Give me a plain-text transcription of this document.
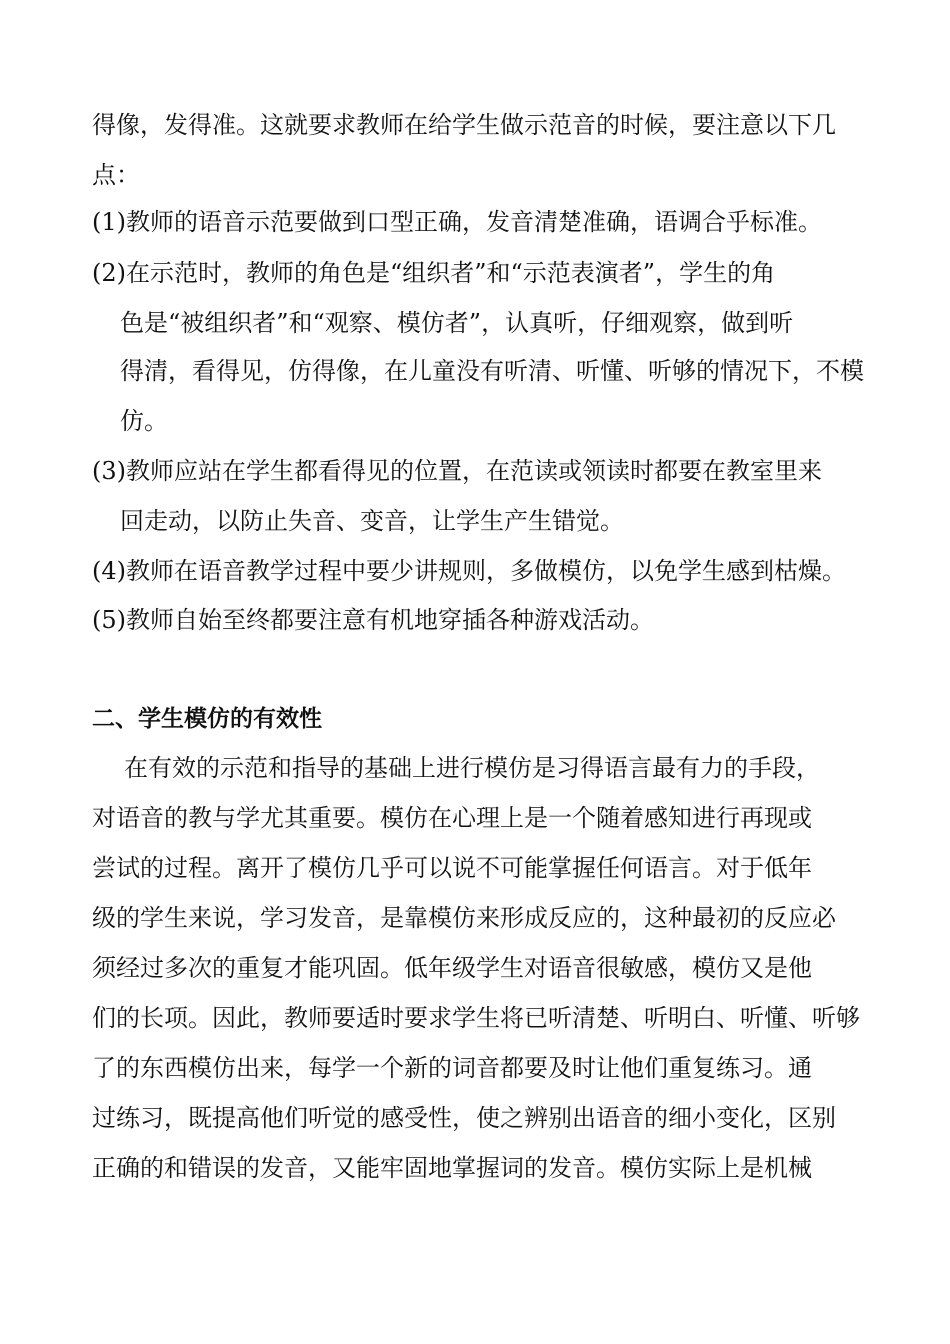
得像，发得准。这就要求教师在给学生做示范音的时候，要注意以下几
点：
(1)教师的语音示范要做到口型正确，发音清楚准确，语调合乎标准。
(2)在示范时，教师的角色是“组织者”和“示范表演者”，学生的角
色是“被组织者”和“观察、模仿者”，认真听，仔细观察，做到听
得清，看得见，仿得像，在儿童没有听清、听懂、听够的情况下，不模
仿。
(3)教师应站在学生都看得见的位置，在范读或领读时都要在教室里来
回走动，以防止失音、变音，让学生产生错觉。
(4)教师在语音教学过程中要少讲规则，多做模仿，以免学生感到枯燥。
(5)教师自始至终都要注意有机地穿插各种游戏活动。
二、学生模仿的有效性
在有效的示范和指导的基础上进行模仿是习得语言最有力的手段，
对语音的教与学尤其重要。模仿在心理上是一个随着感知进行再现或
尝试的过程。离开了模仿几乎可以说不可能掌握任何语言。对于低年
级的学生来说，学习发音，是靠模仿来形成反应的，这种最初的反应必
须经过多次的重复才能巩固。低年级学生对语音很敏感，模仿又是他
们的长项。因此，教师要适时要求学生将已听清楚、听明白、听懂、听够
了的东西模仿出来，每学一个新的词音都要及时让他们重复练习。通
过练习，既提高他们听觉的感受性，使之辨别出语音的细小变化，区别
正确的和错误的发音，又能牢固地掌握词的发音。模仿实际上是机械
